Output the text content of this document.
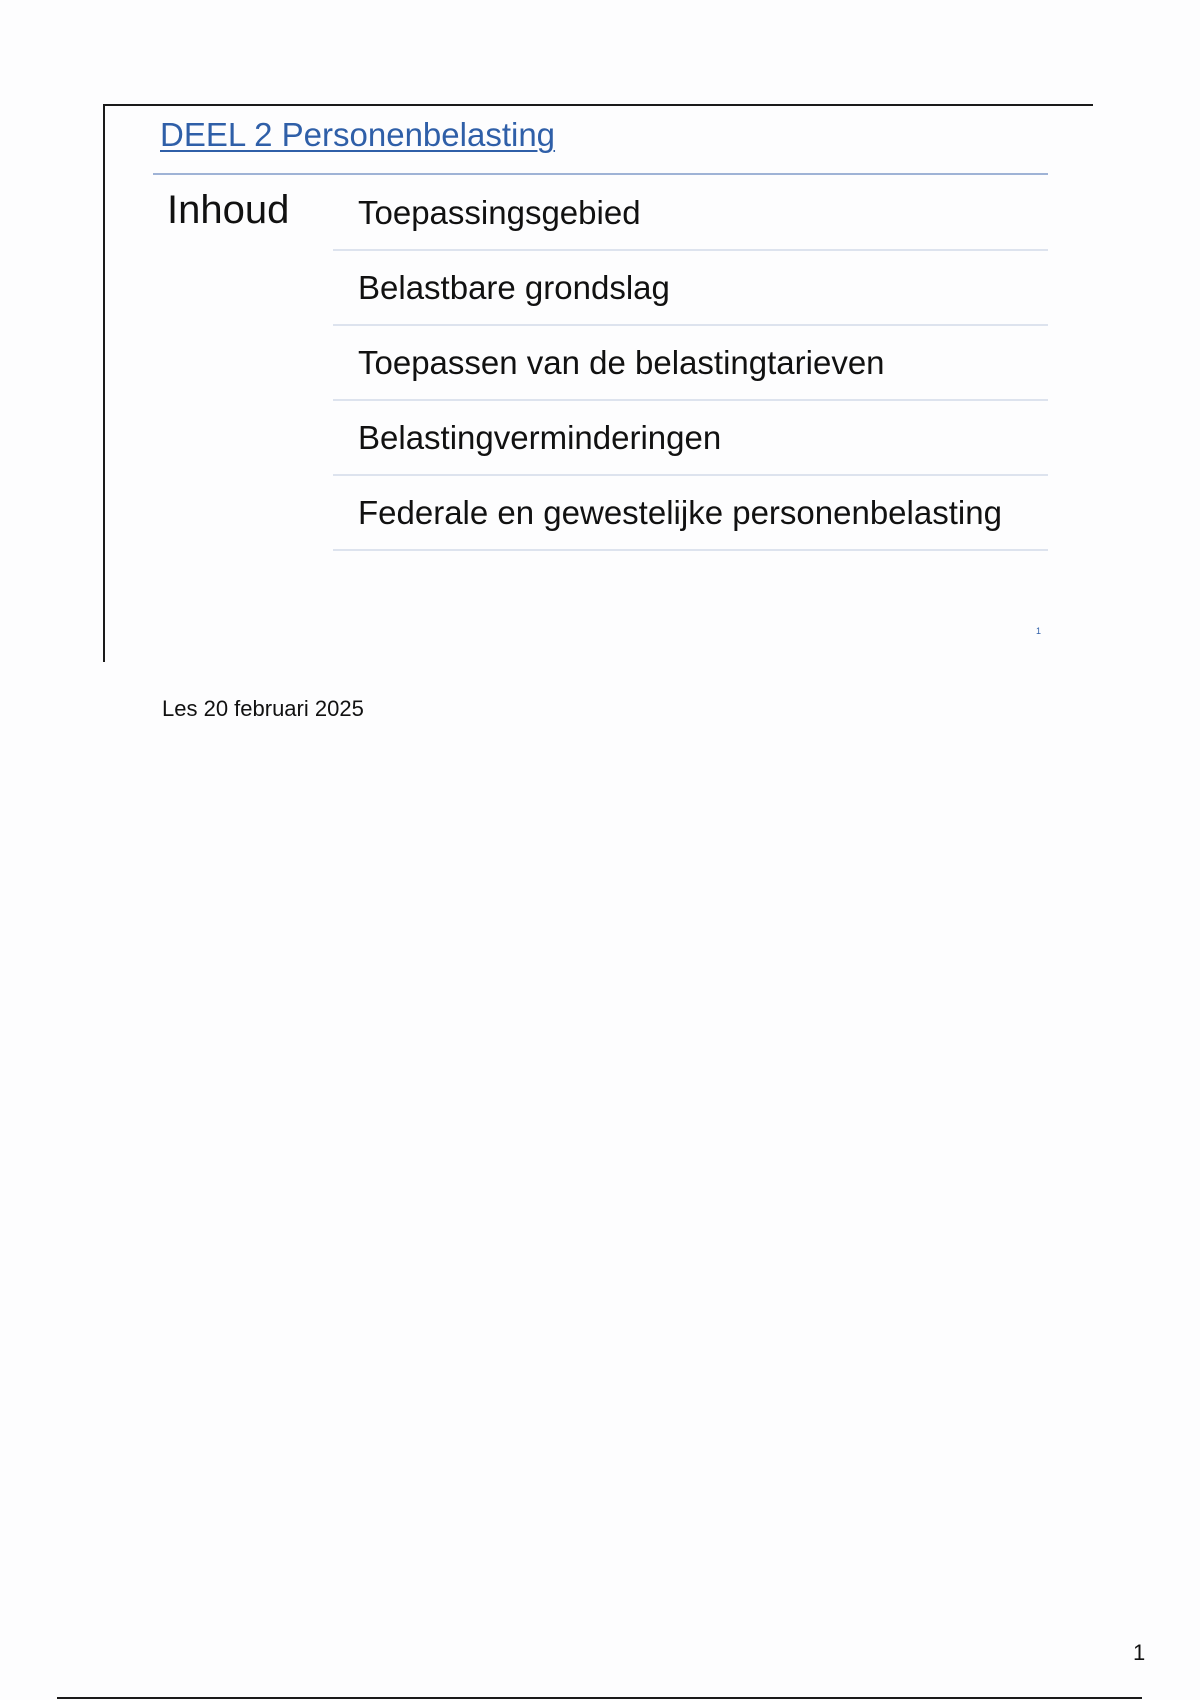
DEEL 2 Personenbelasting
Inhoud	Toepassingsgebied
Belastbare grondslag
Toepassen van de belastingtarieven
Belastingverminderingen
Federale en gewestelijke personenbelasting
1
Les 20 februari 2025
1
